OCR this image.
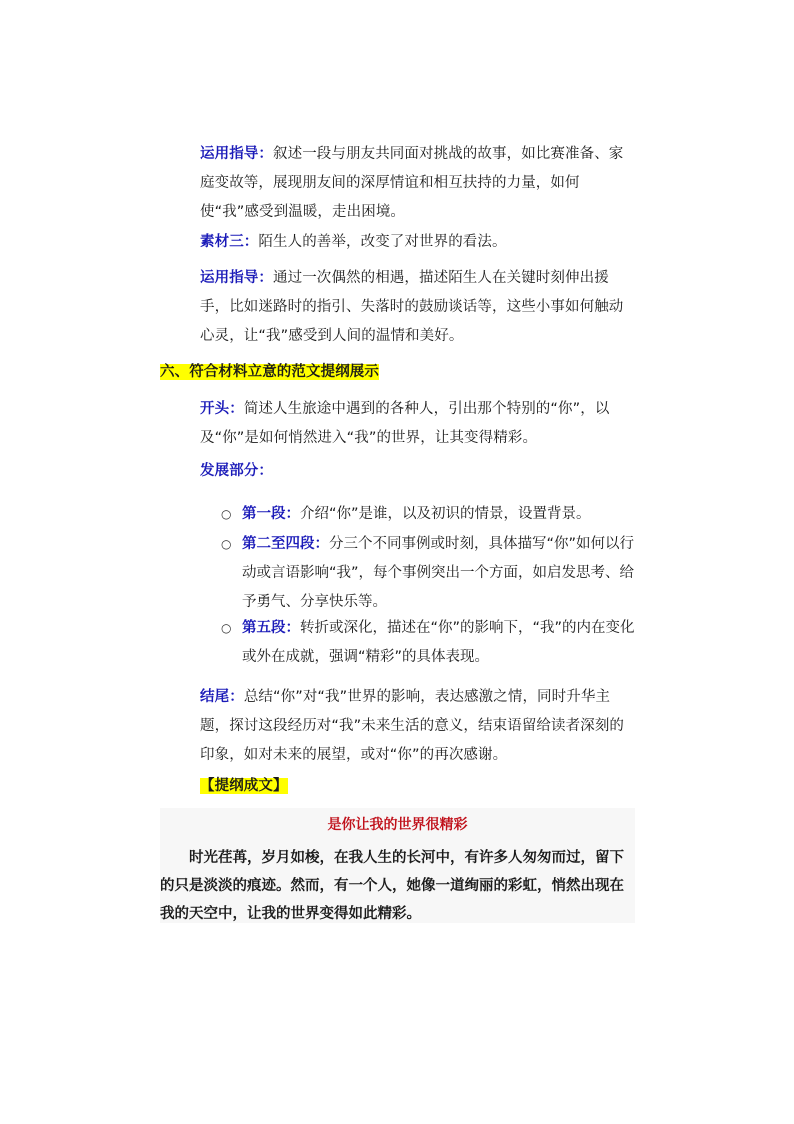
运用指导：叙述一段与朋友共同面对挑战的故事，如比赛准备、家庭变故等，展现朋友间的深厚情谊和相互扶持的力量，如何使“我”感受到温暖，走出困境。
素材三：陌生人的善举，改变了对世界的看法。
运用指导：通过一次偶然的相遇，描述陌生人在关键时刻伸出援手，比如迷路时的指引、失落时的鼓励谈话等，这些小事如何触动心灵，让“我”感受到人间的温情和美好。
六、符合材料立意的范文提纲展示
开头：简述人生旅途中遇到的各种人，引出那个特别的“你”，以及“你”是如何悄然进入“我”的世界，让其变得精彩。
发展部分：
○ 第一段：介绍“你”是谁，以及初识的情景，设置背景。
○ 第二至四段：分三个不同事例或时刻，具体描写“你”如何以行动或言语影响“我”，每个事例突出一个方面，如启发思考、给予勇气、分享快乐等。
○ 第五段：转折或深化，描述在“你”的影响下，“我”的内在变化或外在成就，强调“精彩”的具体表现。
结尾：总结“你”对“我”世界的影响，表达感激之情，同时升华主题，探讨这段经历对“我”未来生活的意义，结束语留给读者深刻的印象，如对未来的展望，或对“你”的再次感谢。
【提纲成文】
是你让我的世界很精彩
时光荏苒，岁月如梭，在我人生的长河中，有许多人匆匆而过，留下的只是淡淡的痕迹。然而，有一个人，她像一道绚丽的彩虹，悄然出现在我的天空中，让我的世界变得如此精彩。
